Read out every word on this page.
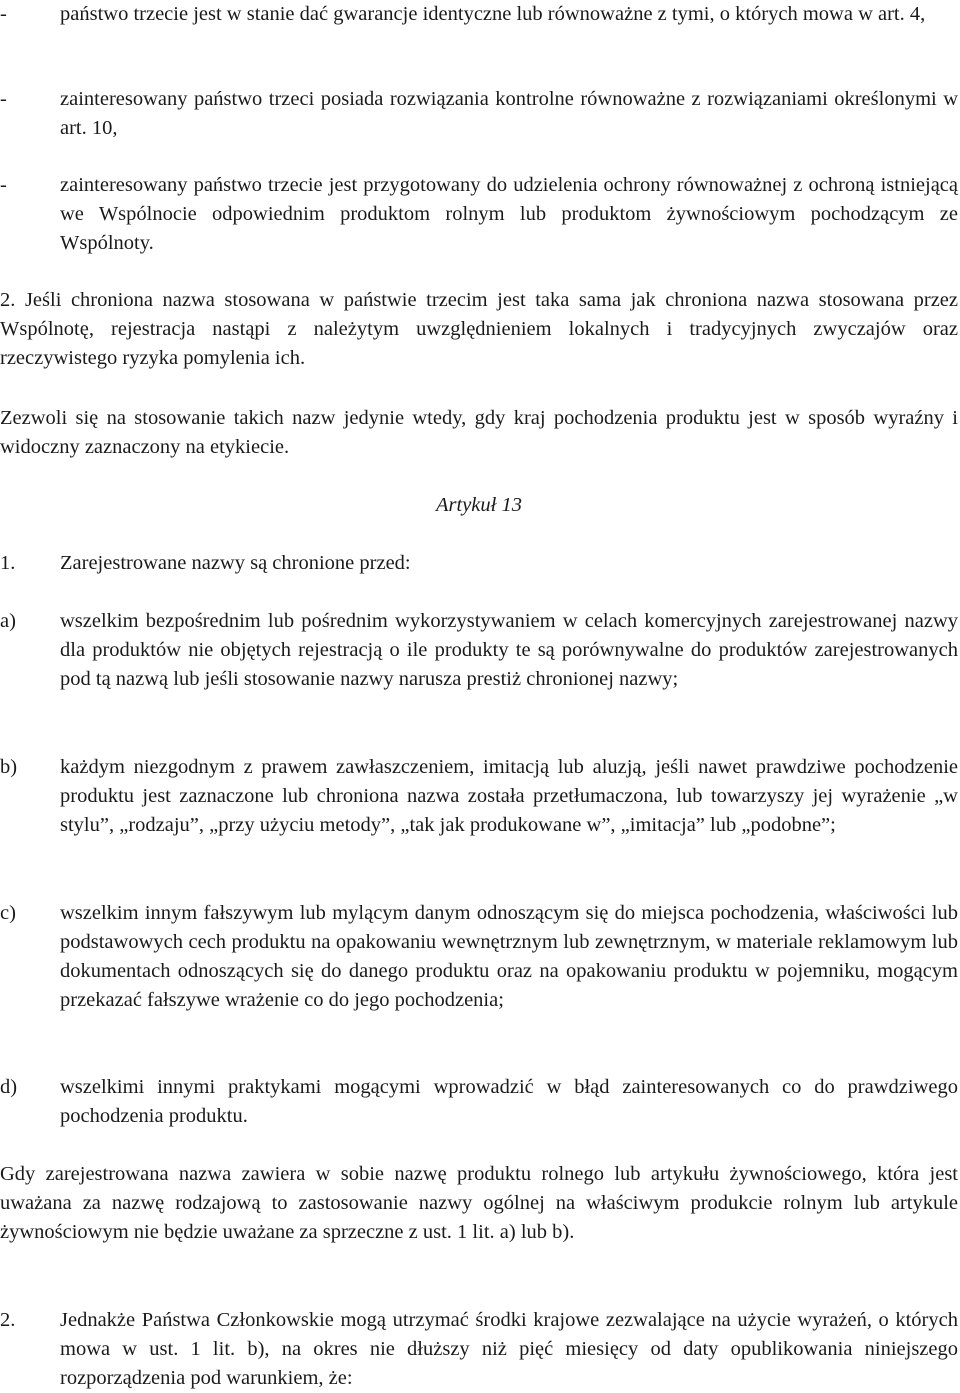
-	państwo trzecie jest w stanie dać gwarancje identyczne lub równoważne z tymi, o których mowa w art. 4,
-	zainteresowany państwo trzeci posiada rozwiązania kontrolne równoważne z rozwiązaniami określonymi w art. 10,
-	zainteresowany państwo trzecie jest przygotowany do udzielenia ochrony równoważnej z ochroną istniejącą we Wspólnocie odpowiednim produktom rolnym lub produktom żywnościowym pochodzącym ze Wspólnoty.
2. Jeśli chroniona nazwa stosowana w państwie trzecim jest taka sama jak chroniona nazwa stosowana przez Wspólnotę, rejestracja nastąpi z należytym uwzględnieniem lokalnych i tradycyjnych zwyczajów oraz rzeczywistego ryzyka pomylenia ich.
Zezwoli się na stosowanie takich nazw jedynie wtedy, gdy kraj pochodzenia produktu jest w sposób wyraźny i widoczny zaznaczony na etykiecie.
Artykuł 13
1.	Zarejestrowane nazwy są chronione przed:
a)	wszelkim bezpośrednim lub pośrednim wykorzystywaniem w celach komercyjnych zarejestrowanej nazwy dla produktów nie objętych rejestracją o ile produkty te są porównywalne do produktów zarejestrowanych pod tą nazwą lub jeśli stosowanie nazwy narusza prestiż chronionej nazwy;
b)	każdym niezgodnym z prawem zawłaszczeniem, imitacją lub aluzją, jeśli nawet prawdziwe pochodzenie produktu jest zaznaczone lub chroniona nazwa została przetłumaczona, lub towarzyszy jej wyrażenie „w stylu”, „rodzaju”, „przy użyciu metody”, „tak jak produkowane w”, „imitacja” lub „podobne”;
c)	wszelkim innym fałszywym lub mylącym danym odnoszącym się do miejsca pochodzenia, właściwości lub podstawowych cech produktu na opakowaniu wewnętrznym lub zewnętrznym, w materiale reklamowym lub dokumentach odnoszących się do danego produktu oraz na opakowaniu produktu w pojemniku, mogącym przekazać fałszywe wrażenie co do jego pochodzenia;
d)	wszelkimi innymi praktykami mogącymi wprowadzić w błąd zainteresowanych co do prawdziwego pochodzenia produktu.
Gdy zarejestrowana nazwa zawiera w sobie nazwę produktu rolnego lub artykułu żywnościowego, która jest uważana za nazwę rodzajową to zastosowanie nazwy ogólnej na właściwym produkcie rolnym lub artykule żywnościowym nie będzie uważane za sprzeczne z ust. 1 lit. a) lub b).
2.	Jednakże Państwa Członkowskie mogą utrzymać środki krajowe zezwalające na użycie wyrażeń, o których mowa w ust. 1 lit. b), na okres nie dłuższy niż pięć miesięcy od daty opublikowania niniejszego rozporządzenia pod warunkiem, że:
